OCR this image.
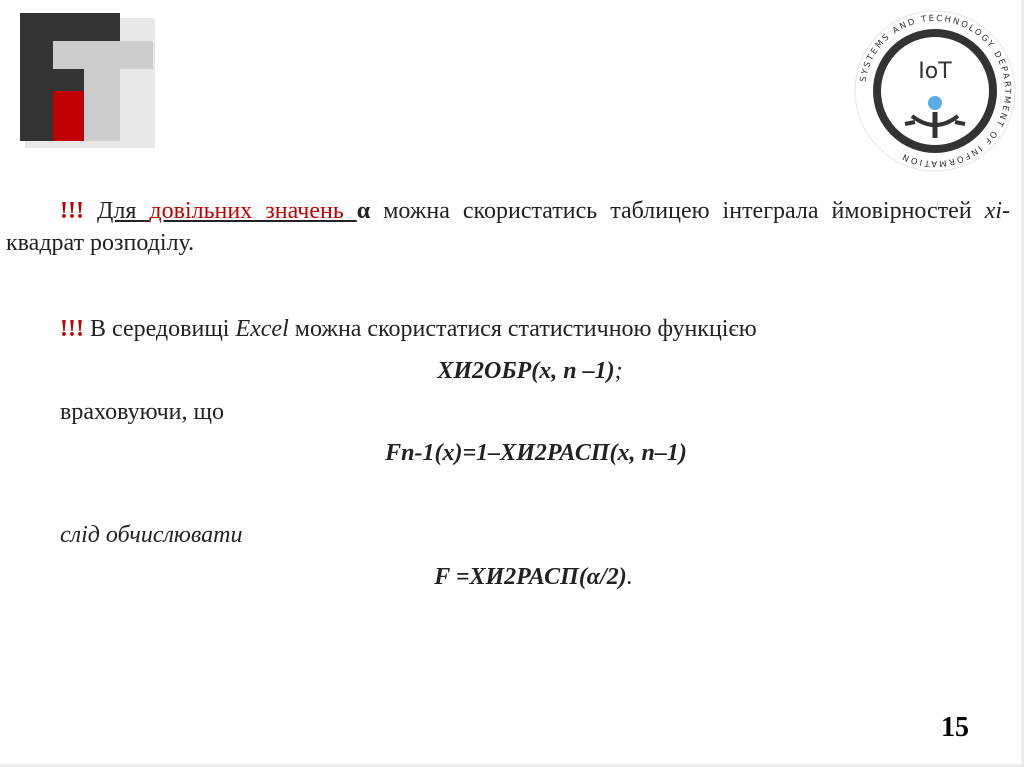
SYSTEMS AND TECHNOLOGY DEPARTMENT OF INFORMATION
IoT
!!! Для довільних значень α можна скористатись таблицею інтеграла ймовірностей хі-квадрат розподілу.
!!! В середовищі Excel можна скористатися статистичною функцією
ХИ2ОБР(х, n –1);
враховуючи, що
Fn-1(x)=1–ХИ2РАСП(х, n–1)
слід обчислювати
F =ХИ2РАСП(α/2).
15
